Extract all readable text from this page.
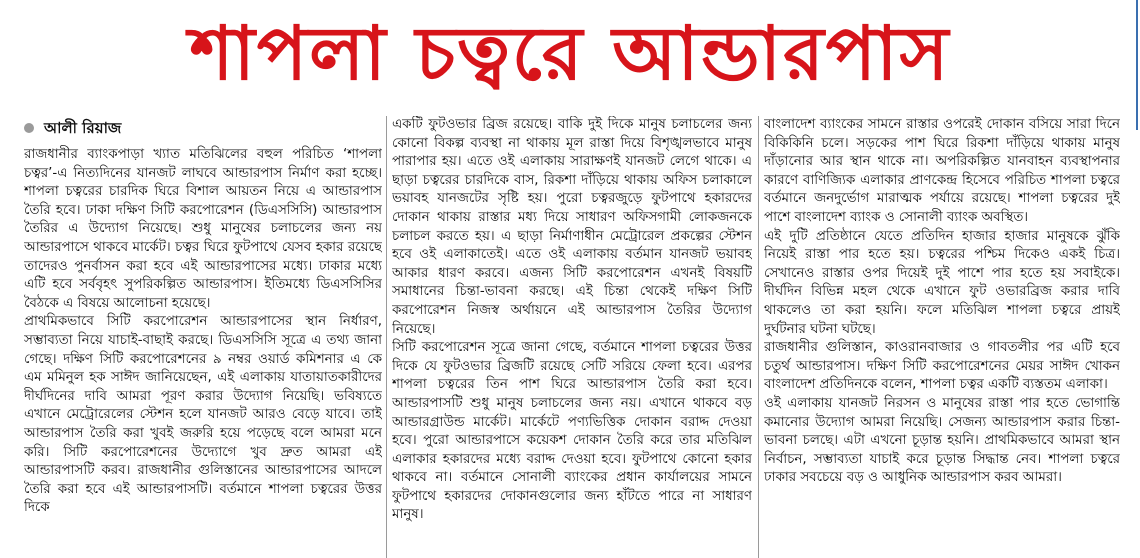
শাপলা চত্বরে আন্ডারপাস
আলী রিয়াজ

রাজধানীর ব্যাংকপাড়া খ্যাত মতিঝিলের বহুল পরিচিত ‘শাপলা চত্বর’-এ নিত্যদিনের যানজট লাঘবে আন্ডারপাস নির্মাণ করা হচ্ছে। শাপলা চত্বরের চারদিক ঘিরে বিশাল আয়তন নিয়ে এ আন্ডারপাস তৈরি হবে। ঢাকা দক্ষিণ সিটি করপোরেশন (ডিএসসিসি) আন্ডারপাস তৈরির এ উদ্যোগ নিয়েছে। শুধু মানুষের চলাচলের জন্য নয় আন্ডারপাসে থাকবে মার্কেট। চত্বর ঘিরে ফুটপাথে যেসব হকার রয়েছে তাদেরও পুনর্বাসন করা হবে এই আন্ডারপাসের মধ্যে। ঢাকার মধ্যে এটি হবে সর্ববৃহৎ সুপরিকল্পিত আন্ডারপাস। ইতিমধ্যে ডিএসসিসির বৈঠকে এ বিষয়ে আলোচনা হয়েছে।

প্রাথমিকভাবে সিটি করপোরেশন আন্ডারপাসের স্থান নির্ধারণ, সম্ভাব্যতা নিয়ে যাচাই-বাছাই করছে। ডিএসসিসি সূত্রে এ তথ্য জানা গেছে। দক্ষিণ সিটি করপোরেশনের ৯ নম্বর ওয়ার্ড কমিশনার এ কে এম মমিনুল হক সাঈদ জানিয়েছেন, এই এলাকায় যাতায়াতকারীদের দীর্ঘদিনের দাবি আমরা পূরণ করার উদ্যোগ নিয়েছি। ভবিষ্যতে এখানে মেট্রোরেলের স্টেশন হলে যানজট আরও বেড়ে যাবে। তাই আন্ডারপাস তৈরি করা খুবই জরুরি হয়ে পড়েছে বলে আমরা মনে করি। সিটি করপোরেশনের উদ্যোগে খুব দ্রুত আমরা এই আন্ডারপাসটি করব। রাজধানীর গুলিস্তানের আন্ডারপাসের আদলে তৈরি করা হবে এই আন্ডারপাসটি। বর্তমানে শাপলা চত্বরের উত্তর দিকে

একটি ফুটওভার ব্রিজ রয়েছে। বাকি দুই দিকে মানুষ চলাচলের জন্য কোনো বিকল্প ব্যবস্থা না থাকায় মূল রাস্তা দিয়ে বিশৃঙ্খলভাবে মানুষ পারাপার হয়। এতে ওই এলাকায় সারাক্ষণই যানজট লেগে থাকে। এ ছাড়া চত্বরের চারদিকে বাস, রিকশা দাঁড়িয়ে থাকায় অফিস চলাকালে ভয়াবহ যানজটের সৃষ্টি হয়। পুরো চত্বরজুড়ে ফুটপাথে হকারদের দোকান থাকায় রাস্তার মধ্য দিয়ে সাধারণ অফিসগামী লোকজনকে চলাচল করতে হয়। এ ছাড়া নির্মাণাধীন মেট্রোরেল প্রকল্পের স্টেশন হবে ওই এলাকাতেই। এতে ওই এলাকায় বর্তমান যানজট ভয়াবহ আকার ধারণ করবে। এজন্য সিটি করপোরেশন এখনই বিষয়টি সমাধানের চিন্তা-ভাবনা করছে। এই চিন্তা থেকেই দক্ষিণ সিটি করপোরেশন নিজস্ব অর্থায়নে এই আন্ডারপাস তৈরির উদ্যোগ নিয়েছে।

সিটি করপোরেশন সূত্রে জানা গেছে, বর্তমানে শাপলা চত্বরের উত্তর দিকে যে ফুটওভার ব্রিজটি রয়েছে সেটি সরিয়ে ফেলা হবে। এরপর শাপলা চত্বরের তিন পাশ ঘিরে আন্ডারপাস তৈরি করা হবে। আন্ডারপাসটি শুধু মানুষ চলাচলের জন্য নয়। এখানে থাকবে বড় আন্ডারগ্রাউন্ড মার্কেট। মার্কেটে পণ্যভিত্তিক দোকান বরাদ্দ দেওয়া হবে। পুরো আন্ডারপাসে কয়েকশ দোকান তৈরি করে তার মতিঝিল এলাকার হকারদের মধ্যে বরাদ্দ দেওয়া হবে। ফুটপাথে কোনো হকার থাকবে না। বর্তমানে সোনালী ব্যাংকের প্রধান কার্যালয়ের সামনে ফুটপাথে হকারদের দোকানগুলোর জন্য হাঁটতে পারে না সাধারণ মানুষ।

বাংলাদেশ ব্যাংকের সামনে রাস্তার ওপরেই দোকান বসিয়ে সারা দিনে বিকিকিনি চলে। সড়কের পাশ ঘিরে রিকশা দাঁড়িয়ে থাকায় মানুষ দাঁড়ানোর আর স্থান থাকে না। অপরিকল্পিত যানবাহন ব্যবস্থাপনার কারণে বাণিজ্যিক এলাকার প্রাণকেন্দ্র হিসেবে পরিচিত শাপলা চত্বরে বর্তমানে জনদুর্ভোগ মারাত্মক পর্যায়ে রয়েছে। শাপলা চত্বরের দুই পাশে বাংলাদেশ ব্যাংক ও সোনালী ব্যাংক অবস্থিত।

এই দুটি প্রতিষ্ঠানে যেতে প্রতিদিন হাজার হাজার মানুষকে ঝুঁকি নিয়েই রাস্তা পার হতে হয়। চত্বরের পশ্চিম দিকেও একই চিত্র। সেখানেও রাস্তার ওপর দিয়েই দুই পাশে পার হতে হয় সবাইকে। দীর্ঘদিন বিভিন্ন মহল থেকে এখানে ফুট ওভারব্রিজ করার দাবি থাকলেও তা করা হয়নি। ফলে মতিঝিল শাপলা চত্বরে প্রায়ই দুর্ঘটনার ঘটনা ঘটছে।

রাজধানীর গুলিস্তান, কাওরানবাজার ও গাবতলীর পর এটি হবে চতুর্থ আন্ডারপাস। দক্ষিণ সিটি করপোরেশনের মেয়র সাঈদ খোকন বাংলাদেশ প্রতিদিনকে বলেন, শাপলা চত্বর একটি ব্যস্ততম এলাকা।

ওই এলাকায় যানজট নিরসন ও মানুষের রাস্তা পার হতে ভোগান্তি কমানোর উদ্যোগ আমরা নিয়েছি। সেজন্য আন্ডারপাস করার চিন্তা-ভাবনা চলছে। এটা এখনো চূড়ান্ত হয়নি। প্রাথমিকভাবে আমরা স্থান নির্বাচন, সম্ভাব্যতা যাচাই করে চূড়ান্ত সিদ্ধান্ত নেব। শাপলা চত্বরে ঢাকার সবচেয়ে বড় ও আধুনিক আন্ডারপাস করব আমরা।
